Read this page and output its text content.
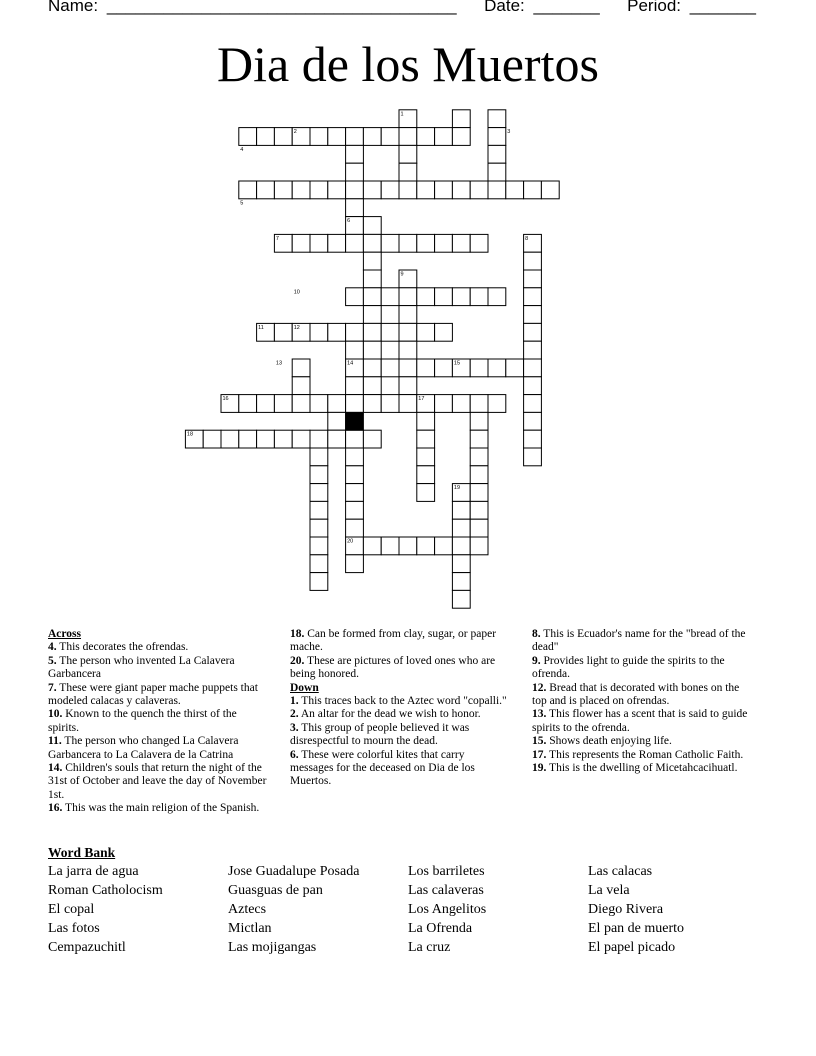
Name: _____________________________________ Date: _______ Period: _______
Dia de los Muertos
1
2	3
4
5
6
7	8
9
10
11	12
13	14	15
16	17
18
19
20
Across
4. This decorates the ofrendas.
5. The person who invented La Calavera Garbancera
7. These were giant paper mache puppets that modeled calacas y calaveras.
10. Known to the quench the thirst of the spirits.
11. The person who changed La Calavera Garbancera to La Calavera de la Catrina
14. Children's souls that return the night of the 31st of October and leave the day of November 1st.
16. This was the main religion of the Spanish.
18. Can be formed from clay, sugar, or paper mache.
20. These are pictures of loved ones who are being honored.
Down
1. This traces back to the Aztec word "copalli."
2. An altar for the dead we wish to honor.
3. This group of people believed it was disrespectful to mourn the dead.
6. These were colorful kites that carry messages for the deceased on Dia de los Muertos.
8. This is Ecuador's name for the "bread of the dead"
9. Provides light to guide the spirits to the ofrenda.
12. Bread that is decorated with bones on the top and is placed on ofrendas.
13. This flower has a scent that is said to guide spirits to the ofrenda.
15. Shows death enjoying life.
17. This represents the Roman Catholic Faith.
19. This is the dwelling of Micetahcacihuatl.
Word Bank
La jarra de agua
Roman Catholocism
El copal
Las fotos
Cempazuchitl
Jose Guadalupe Posada
Guasguas de pan
Aztecs
Mictlan
Las mojigangas
Los barriletes
Las calaveras
Los Angelitos
La Ofrenda
La cruz
Las calacas
La vela
Diego Rivera
El pan de muerto
El papel picado
